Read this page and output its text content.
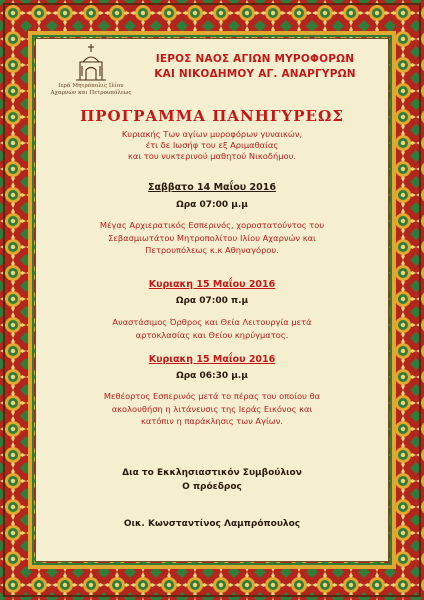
Ιερά Μητρόπολις Ιλίου
Αχαρνών και Πετρουπόλεως
ΙΕΡΟΣ ΝΑΟΣ ΑΓΙΩΝ ΜΥΡΟΦΟΡΩΝ
ΚΑΙ ΝΙΚΟΔΗΜΟΥ ΑΓ. ΑΝΑΡΓΥΡΩΝ
ΠΡΟΓΡΑΜΜΑ ΠΑΝΗΓΥΡΕΩΣ
Κυριακής Των αγίων μυροφόρων γυναικών,
έτι δε Ιωσήφ του εξ Αριμαθαίας
και του νυκτερινού μαθητού Νικοδήμου.
Σαββατο 14 Μαΐου 2016
Ωρα 07:00 μ.μ
Μέγας Αρχιερατικός Εσπερινός, χοροστατούντος του
Σεβασμιωτάτου Μητροπολίτου Ιλίου Αχαρνών και
Πετρουπόλεως κ.κ Αθηναγόρου.
Κυριακη 15 Μαΐου 2016
Ωρα 07:00 π.μ
Αναστάσιμος Όρθρος και Θεία Λειτουργία μετά
αρτοκλασίας και Θείου κηρύγματος.
Κυριακη 15 Μαΐου 2016
Ωρα 06:30 μ.μ
Μεθέορτος Εσπερινός μετά το πέρας του οποίου θα
ακολουθήση η λιτάνευσις της Ιεράς Εικόνος και
κατόπιν η παράκλησις των Αγίων.
Δια το Εκκλησιαστικόν Συμβούλιον
Ο πρόεδρος
Οικ. Κωνσταντίνος Λαμπρόπουλος
